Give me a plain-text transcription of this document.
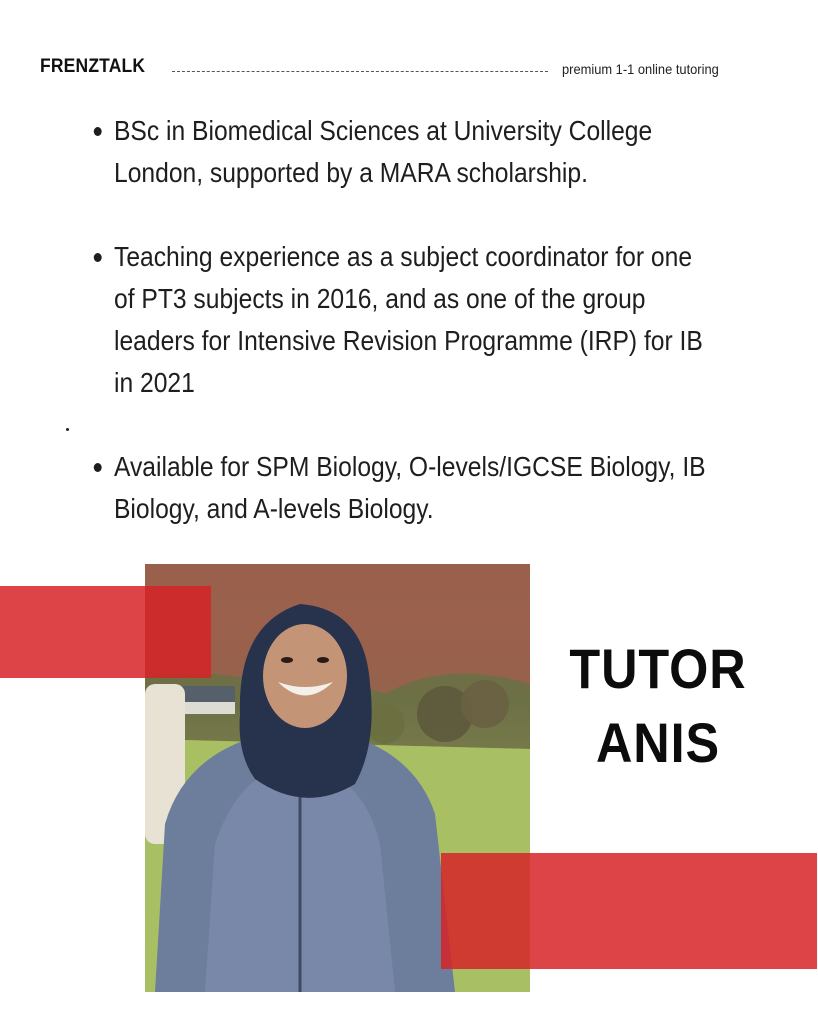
FRENZTALK	premium 1-1 online tutoring
BSc in Biomedical Sciences at University College London, supported by a MARA scholarship.
Teaching experience as a subject coordinator for one of PT3 subjects in 2016, and as one of the group leaders for Intensive Revision Programme (IRP) for IB in 2021
Available for SPM Biology, O-levels/IGCSE Biology, IB Biology, and A-levels Biology.
TUTOR
ANIS
